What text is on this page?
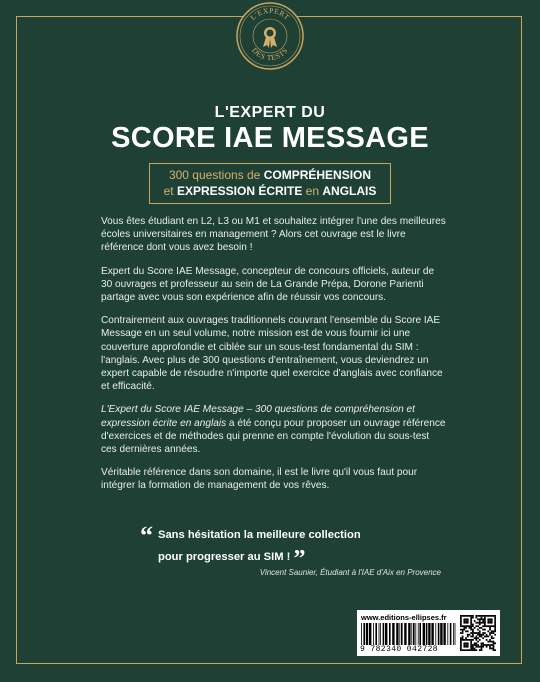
L'EXPERT
DES TESTS
L'EXPERT DU
SCORE IAE MESSAGE
300 questions de COMPRÉHENSION
et EXPRESSION ÉCRITE en ANGLAIS

Vous êtes étudiant en L2, L3 ou M1 et souhaitez intégrer l'une des meilleures écoles universitaires en management ? Alors cet ouvrage est le livre référence dont vous avez besoin !

Expert du Score IAE Message, concepteur de concours officiels, auteur de 30 ouvrages et professeur au sein de La Grande Prépa, Dorone Parienti partage avec vous son expérience afin de réussir vos concours.

Contrairement aux ouvrages traditionnels couvrant l'ensemble du Score IAE Message en un seul volume, notre mission est de vous fournir ici une couverture approfondie et ciblée sur un sous-test fondamental du SIM : l'anglais. Avec plus de 300 questions d'entraînement, vous deviendrez un expert capable de résoudre n'importe quel exercice d'anglais avec confiance et efficacité.

L'Expert du Score IAE Message – 300 questions de compréhension et expression écrite en anglais a été conçu pour proposer un ouvrage référence d'exercices et de méthodes qui prenne en compte l'évolution du sous-test ces dernières années.

Véritable référence dans son domaine, il est le livre qu'il vous faut pour intégrer la formation de management de vos rêves.

“ Sans hésitation la meilleure collection
pour progresser au SIM ! ”
Vincent Saunier, Étudiant à l'IAE d'Aix en Provence
www.editions-ellipses.fr
9 782340 042728
